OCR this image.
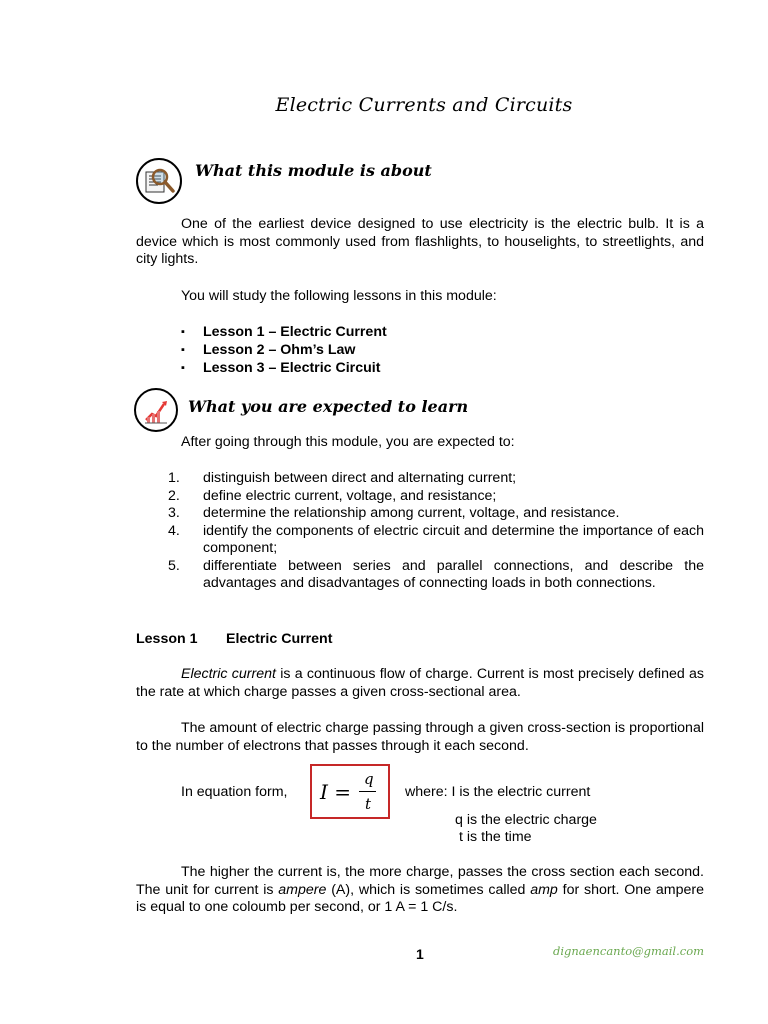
Electric Currents and Circuits
What this module is about
One of the earliest device designed to use electricity is the electric bulb. It is a device which is most commonly used from flashlights, to houselights, to streetlights, and city lights.
You will study the following lessons in this module:
▪ Lesson 1 – Electric Current
▪ Lesson 2 – Ohm’s Law
▪ Lesson 3 – Electric Circuit
What you are expected to learn
After going through this module, you are expected to:
1. distinguish between direct and alternating current;
2. define electric current, voltage, and resistance;
3. determine the relationship among current, voltage, and resistance.
4. identify the components of electric circuit and determine the importance of each component;
5. differentiate between series and parallel connections, and describe the advantages and disadvantages of connecting loads in both connections.
Lesson 1 Electric Current
Electric current is a continuous flow of charge. Current is most precisely defined as the rate at which charge passes a given cross-sectional area.
The amount of electric charge passing through a given cross-section is proportional to the number of electrons that passes through it each second.
In equation form, I =
q
t
where: I is the electric current
q is the electric charge
t is the time
The higher the current is, the more charge, passes the cross section each second. The unit for current is ampere (A), which is sometimes called amp for short. One ampere is equal to one coloumb per second, or 1 A = 1 C/s.
1	dignaencanto@gmail.com
